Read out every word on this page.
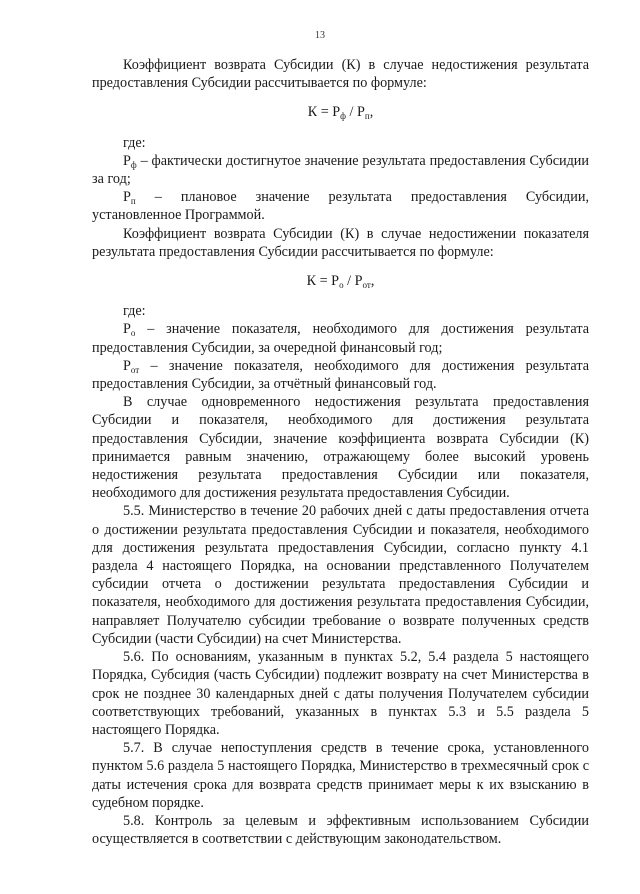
13

Коэффициент возврата Субсидии (К) в случае недостижения результата предоставления Субсидии рассчитывается по формуле:

$К = Р_ф / Р_п$,

где:

$Р_ф$ – фактически достигнутое значение результата предоставления Субсидии за год;

$Р_п$ – плановое значение результата предоставления Субсидии, установленное Программой.

Коэффициент возврата Субсидии (К) в случае недостижении показателя результата предоставления Субсидии рассчитывается по формуле:

$К = Р_о / Р_{от}$,

где:

$Р_о$ – значение показателя, необходимого для достижения результата предоставления Субсидии, за очередной финансовый год;

$Р_{от}$ – значение показателя, необходимого для достижения результата предоставления Субсидии, за отчётный финансовый год.

В случае одновременного недостижения результата предоставления Субсидии и показателя, необходимого для достижения результата предоставления Субсидии, значение коэффициента возврата Субсидии (К) принимается равным значению, отражающему более высокий уровень недостижения результата предоставления Субсидии или показателя, необходимого для достижения результата предоставления Субсидии.

5.5. Министерство в течение 20 рабочих дней с даты предоставления отчета о достижении результата предоставления Субсидии и показателя, необходимого для достижения результата предоставления Субсидии, согласно пункту 4.1 раздела 4 настоящего Порядка, на основании представленного Получателем субсидии отчета о достижении результата предоставления Субсидии и показателя, необходимого для достижения результата предоставления Субсидии, направляет Получателю субсидии требование о возврате полученных средств Субсидии (части Субсидии) на счет Министерства.

5.6. По основаниям, указанным в пунктах 5.2, 5.4 раздела 5 настоящего Порядка, Субсидия (часть Субсидии) подлежит возврату на счет Министерства в срок не позднее 30 календарных дней с даты получения Получателем субсидии соответствующих требований, указанных в пунктах 5.3 и 5.5 раздела 5 настоящего Порядка.

5.7. В случае непоступления средств в течение срока, установленного пунктом 5.6 раздела 5 настоящего Порядка, Министерство в трехмесячный срок с даты истечения срока для возврата средств принимает меры к их взысканию в судебном порядке.

5.8. Контроль за целевым и эффективным использованием Субсидии осуществляется в соответствии с действующим законодательством.
